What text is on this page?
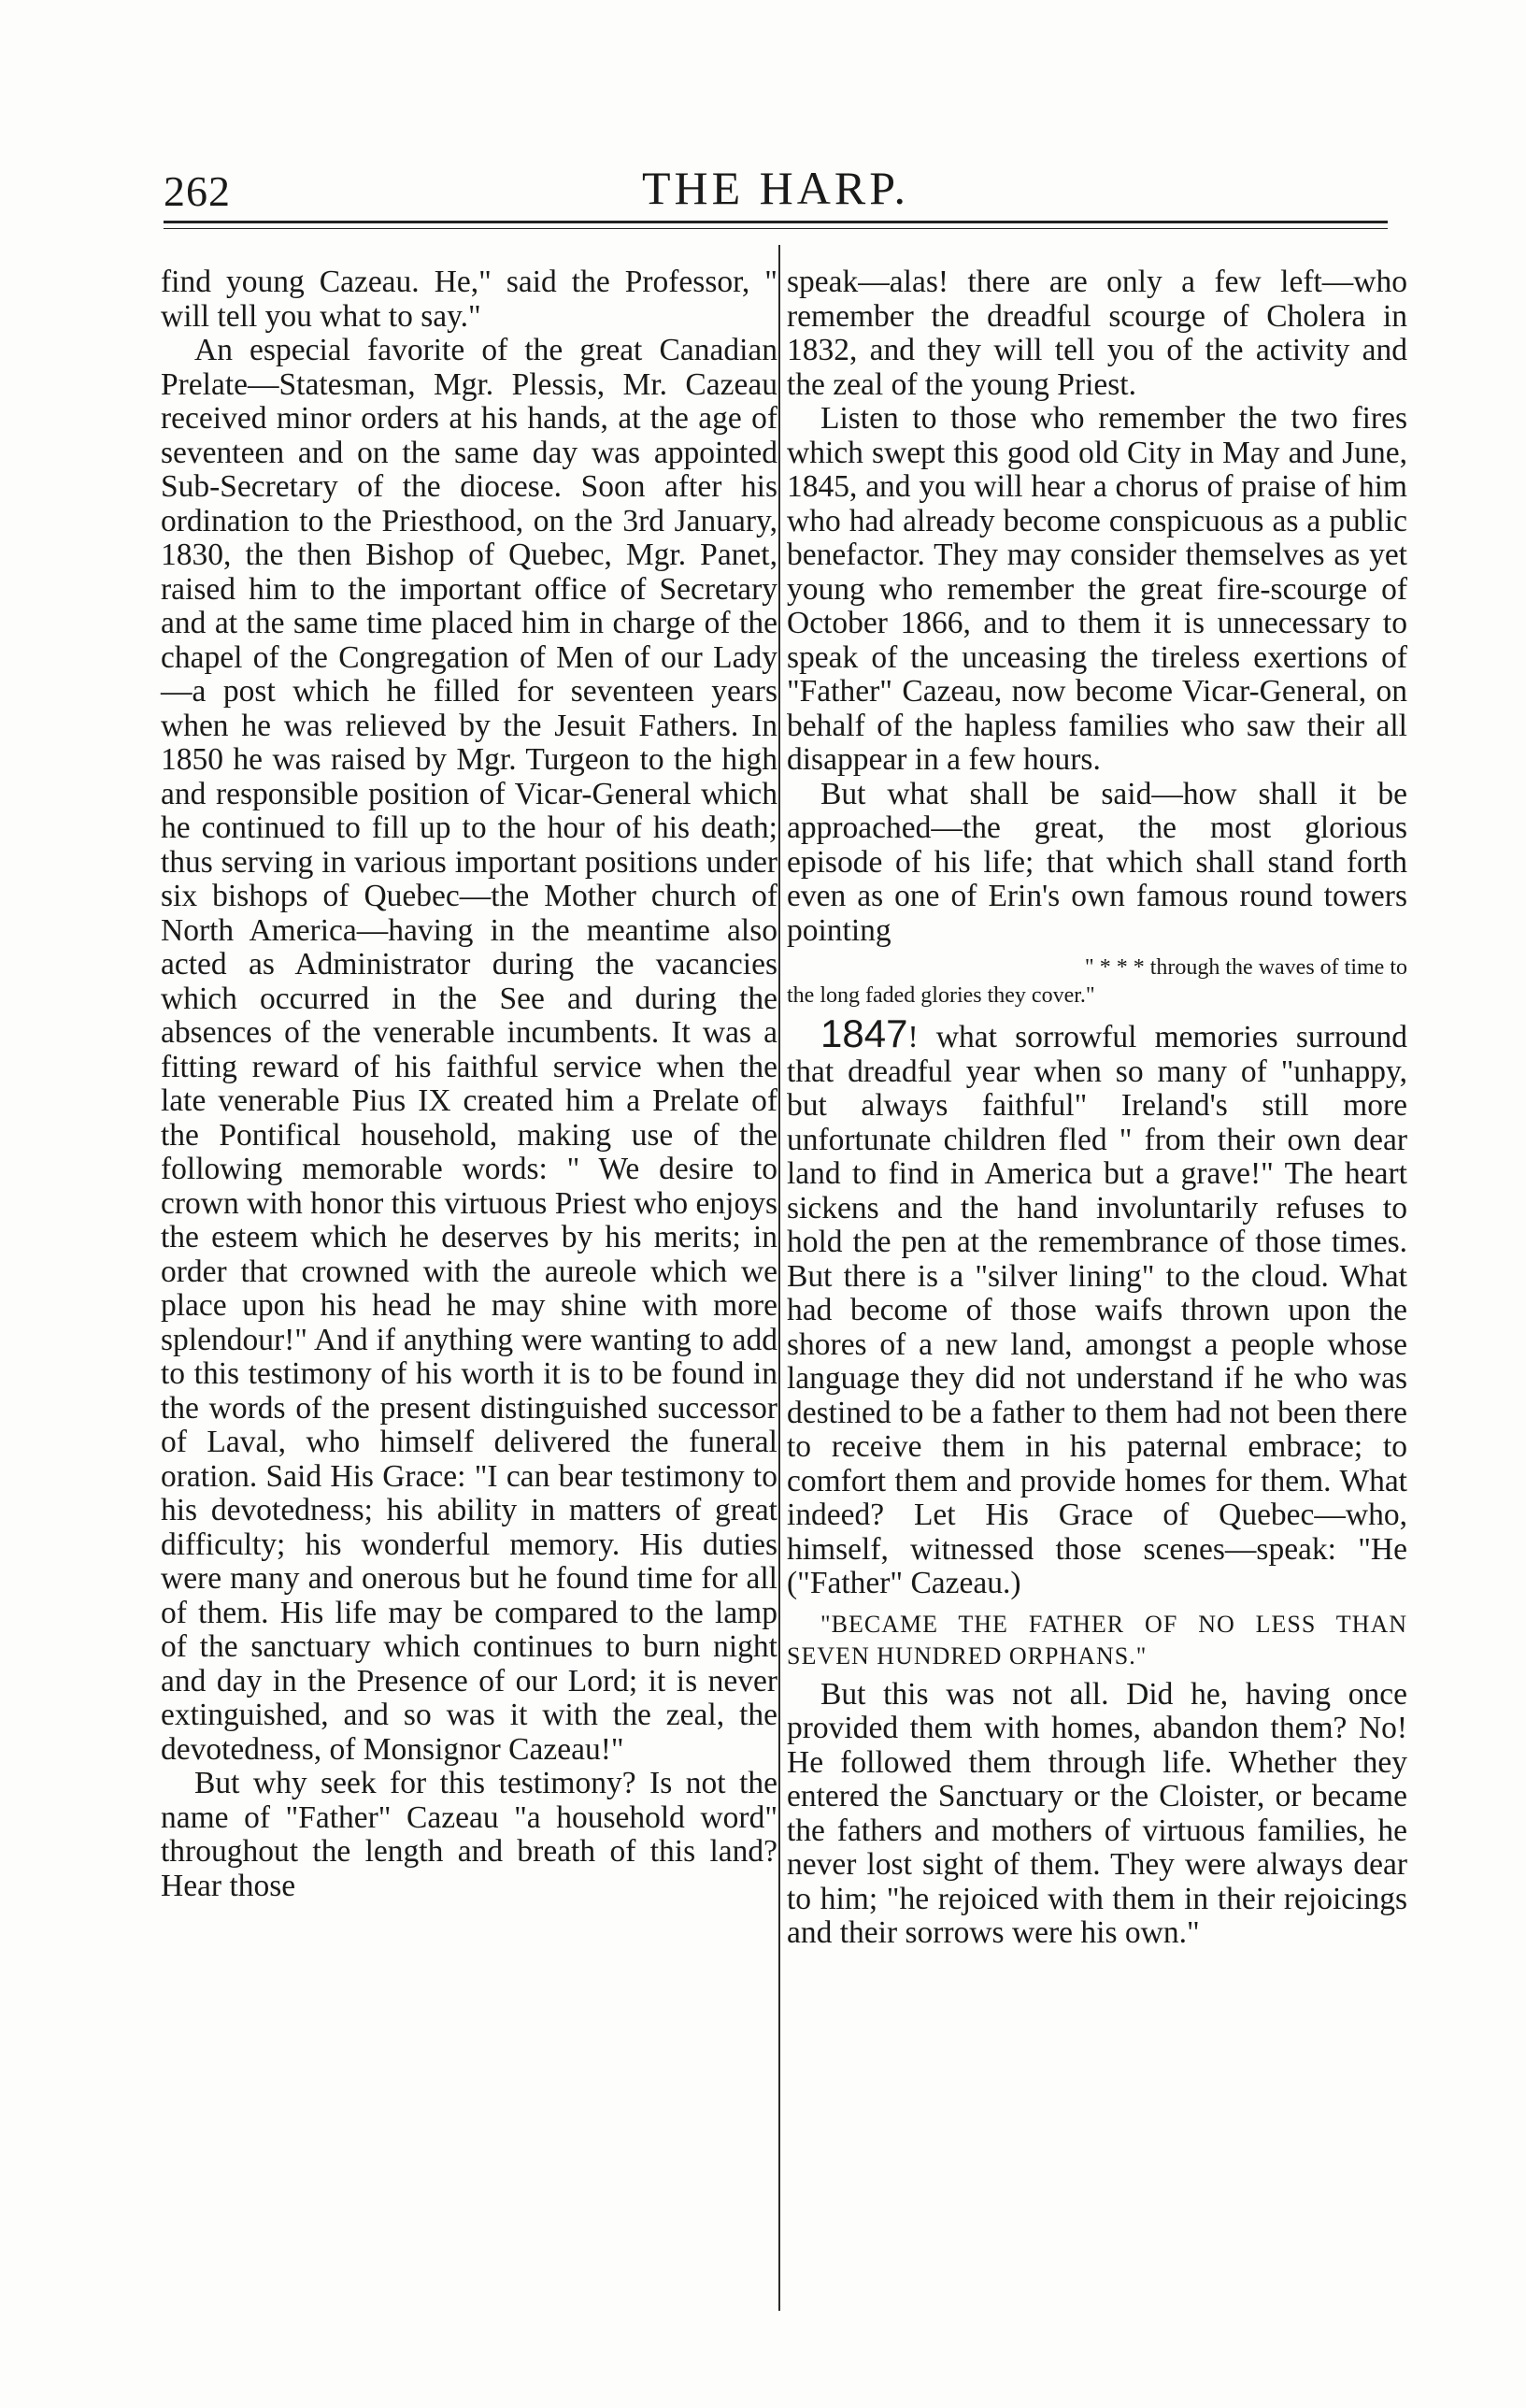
262	THE HARP.

find young Cazeau. He," said the Professor, " will tell you what to say."

An especial favorite of the great Canadian Prelate—Statesman, Mgr. Plessis, Mr. Cazeau received minor orders at his hands, at the age of seventeen and on the same day was appointed Sub-Secretary of the diocese. Soon after his ordination to the Priesthood, on the 3rd January, 1830, the then Bishop of Quebec, Mgr. Panet, raised him to the important office of Secretary and at the same time placed him in charge of the chapel of the Congregation of Men of our Lady—a post which he filled for seventeen years when he was relieved by the Jesuit Fathers. In 1850 he was raised by Mgr. Turgeon to the high and responsible position of Vicar-General which he continued to fill up to the hour of his death; thus serving in various important positions under six bishops of Quebec—the Mother church of North America—having in the meantime also acted as Administrator during the vacancies which occurred in the See and during the absences of the venerable incumbents. It was a fitting reward of his faithful service when the late venerable Pius IX created him a Prelate of the Pontifical household, making use of the following memorable words: " We desire to crown with honor this virtuous Priest who enjoys the esteem which he deserves by his merits; in order that crowned with the aureole which we place upon his head he may shine with more splendour!" And if anything were wanting to add to this testimony of his worth it is to be found in the words of the present distinguished successor of Laval, who himself delivered the funeral oration. Said His Grace: "I can bear testimony to his devotedness; his ability in matters of great difficulty; his wonderful memory. His duties were many and onerous but he found time for all of them. His life may be compared to the lamp of the sanctuary which continues to burn night and day in the Presence of our Lord; it is never extinguished, and so was it with the zeal, the devotedness, of Monsignor Cazeau!"

But why seek for this testimony? Is not the name of "Father" Cazeau "a household word" throughout the length and breath of this land? Hear those

speak—alas! there are only a few left—who remember the dreadful scourge of Cholera in 1832, and they will tell you of the activity and the zeal of the young Priest.

Listen to those who remember the two fires which swept this good old City in May and June, 1845, and you will hear a chorus of praise of him who had already become conspicuous as a public benefactor. They may consider themselves as yet young who remember the great fire-scourge of October 1866, and to them it is unnecessary to speak of the unceasing the tireless exertions of "Father" Cazeau, now become Vicar-General, on behalf of the hapless families who saw their all disappear in a few hours.

But what shall be said—how shall it be approached—the great, the most glorious episode of his life; that which shall stand forth even as one of Erin's own famous round towers pointing

" * * * through the waves of time to
the long faded glories they cover."

1847! what sorrowful memories surround that dreadful year when so many of "unhappy, but always faithful" Ireland's still more unfortunate children fled " from their own dear land to find in America but a grave!" The heart sickens and the hand involuntarily refuses to hold the pen at the remembrance of those times. But there is a "silver lining" to the cloud. What had become of those waifs thrown upon the shores of a new land, amongst a people whose language they did not understand if he who was destined to be a father to them had not been there to receive them in his paternal embrace; to comfort them and provide homes for them. What indeed? Let His Grace of Quebec—who, himself, witnessed those scenes—speak: "He ("Father" Cazeau.)

"BECAME THE FATHER OF NO LESS THAN SEVEN HUNDRED ORPHANS."

But this was not all. Did he, having once provided them with homes, abandon them? No! He followed them through life. Whether they entered the Sanctuary or the Cloister, or became the fathers and mothers of virtuous families, he never lost sight of them. They were always dear to him; "he rejoiced with them in their rejoicings and their sorrows were his own."
